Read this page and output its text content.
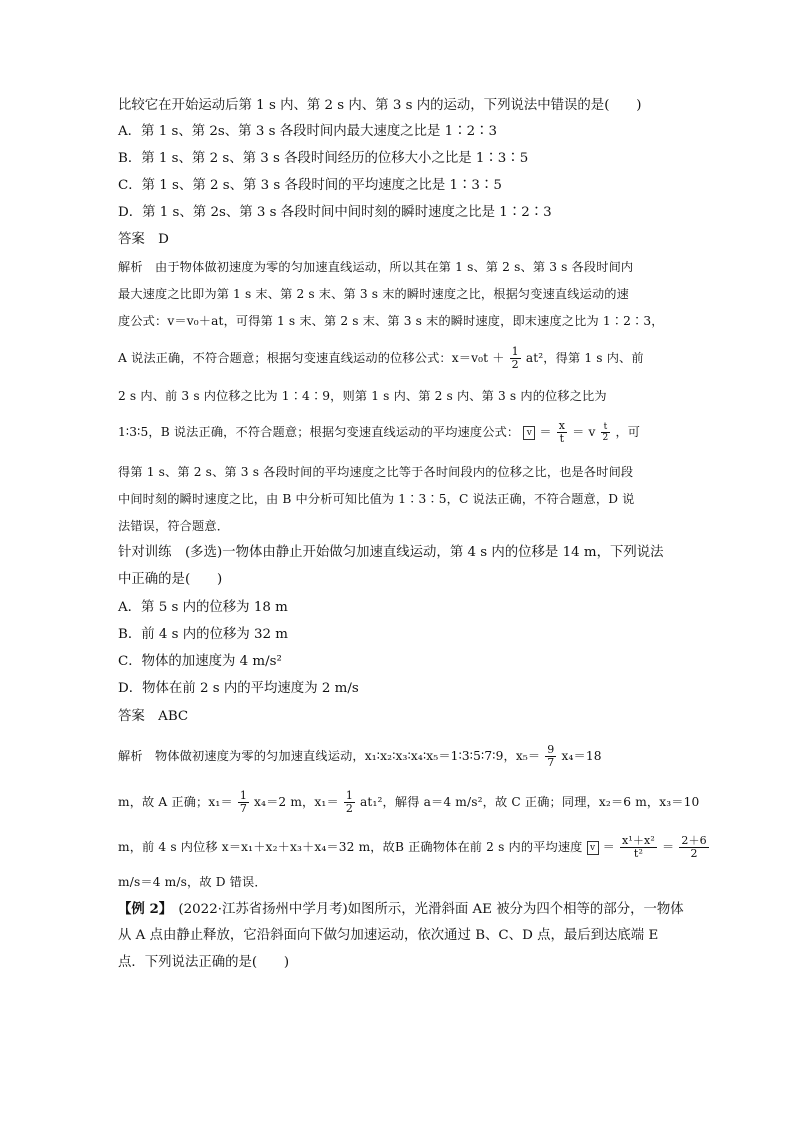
比较它在开始运动后第 1 s 内、第 2 s 内、第 3 s 内的运动，下列说法中错误的是(　　)
A．第 1 s、第 2s、第 3 s 各段时间内最大速度之比是 1∶2∶3
B．第 1 s、第 2 s、第 3 s 各段时间经历的位移大小之比是 1∶3∶5
C．第 1 s、第 2 s、第 3 s 各段时间的平均速度之比是 1∶3∶5
D．第 1 s、第 2s、第 3 s 各段时间中间时刻的瞬时速度之比是 1∶2∶3
答案　D
解析　由于物体做初速度为零的匀加速直线运动，所以其在第 1 s、第 2 s、第 3 s 各段时间内
最大速度之比即为第 1 s 末、第 2 s 末、第 3 s 末的瞬时速度之比，根据匀变速直线运动的速
度公式：v＝v₀＋at，可得第 1 s 末、第 2 s 末、第 3 s 末的瞬时速度，即末速度之比为 1∶2∶3，
A 说法正确，不符合题意；根据匀变速直线运动的位移公式：$x=v_0t + \frac{1}{2} at^2$，得第 1 s 内、前
2 s 内、前 3 s 内位移之比为 1∶4∶9，则第 1 s 内、第 2 s 内、第 3 s 内的位移之比为
1∶3∶5，B 说法正确，不符合题意；根据匀变速直线运动的平均速度公式： $v = \frac{x}{t} = v \frac{t}{2}$ ，可
得第 1 s、第 2 s、第 3 s 各段时间的平均速度之比等于各时间段内的位移之比，也是各时间段
中间时刻的瞬时速度之比，由 B 中分析可知比值为 1∶3∶5，C 说法正确，不符合题意，D 说
法错误，符合题意．
针对训练　(多选)一物体由静止开始做匀加速直线运动，第 4 s 内的位移是 14 m，下列说法
中正确的是(　　)
A．第 5 s 内的位移为 18 m
B．前 4 s 内的位移为 32 m
C．物体的加速度为 4 m/s²
D．物体在前 2 s 内的平均速度为 2 m/s
答案　ABC
解析　物体做初速度为零的匀加速直线运动，x₁∶x₂∶x₃∶x₄∶x₅＝1∶3∶5∶7∶9，$x_5= \frac{9}{7} x_4=18$
m，故 A 正确；$x_1= \frac{1}{7} x_4=2$ m，$x_1= \frac{1}{2} at_1^2$，解得 a＝4 m/s²，故 C 正确；同理，x₂＝6 m，x₃＝10
m，前 4 s 内位移 x＝x₁＋x₂＋x₃＋x₄＝32 m，故B 正确物体在前 2 s 内的平均速度 $v = \frac{\text{x¹＋x²}}{\text{t²}} = \frac{2+6}{2}$
m/s＝4 m/s，故 D 错误．
【例 2】 (2022·江苏省扬州中学月考)如图所示，光滑斜面 AE 被分为四个相等的部分，一物体
从 A 点由静止释放，它沿斜面向下做匀加速运动，依次通过 B、C、D 点，最后到达底端 E
点．下列说法正确的是(　　)
